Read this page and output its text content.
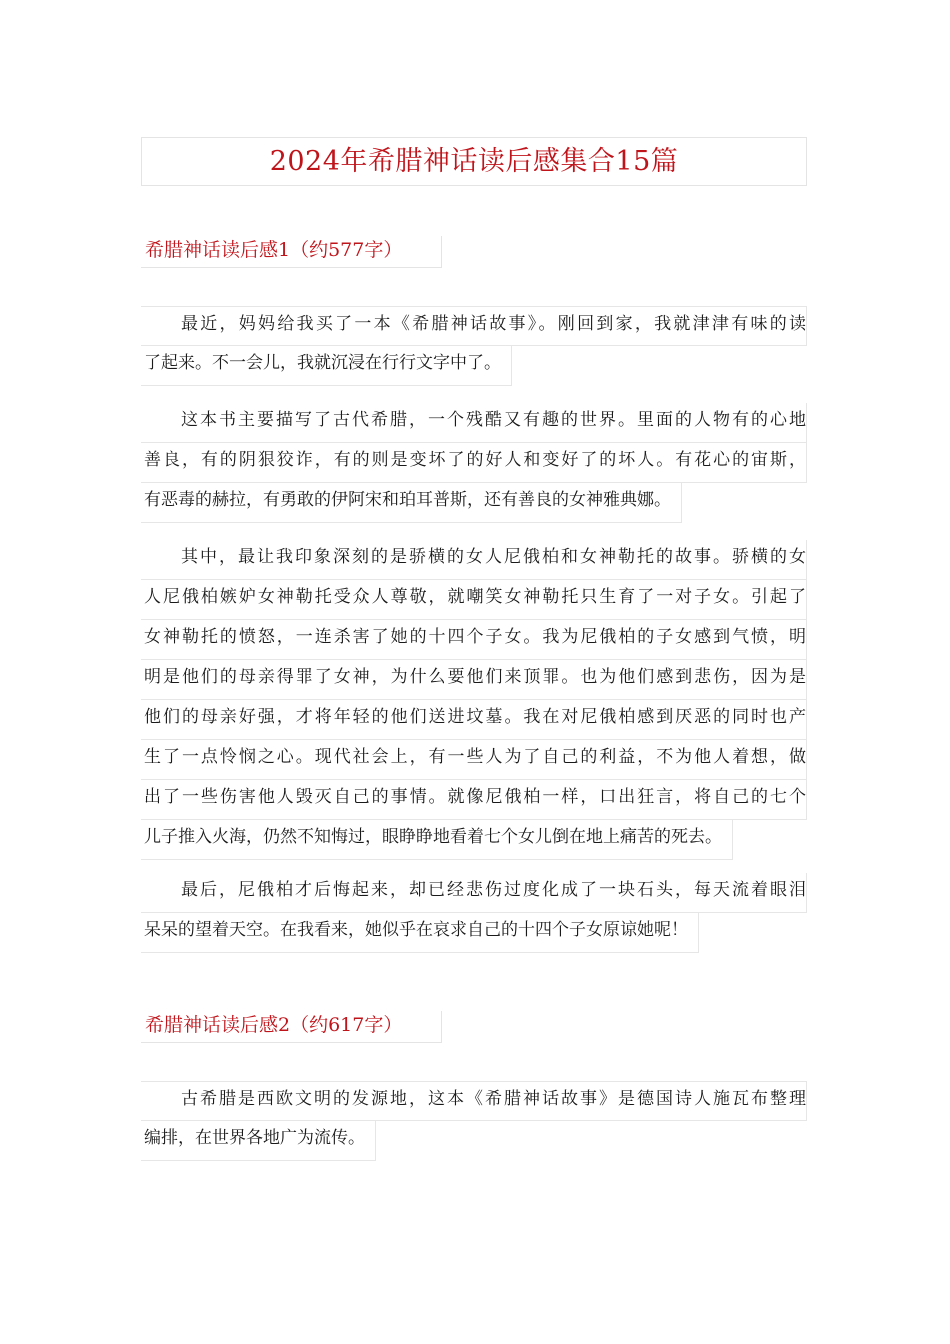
2024年希腊神话读后感集合15篇
希腊神话读后感1（约577字）
最近，妈妈给我买了一本《希腊神话故事》。刚回到家，我就津津有味的读
了起来。不一会儿，我就沉浸在行行文字中了。
这本书主要描写了古代希腊，一个残酷又有趣的世界。里面的人物有的心地
善良，有的阴狠狡诈，有的则是变坏了的好人和变好了的坏人。有花心的宙斯，
有恶毒的赫拉，有勇敢的伊阿宋和珀耳普斯，还有善良的女神雅典娜。
其中，最让我印象深刻的是骄横的女人尼俄柏和女神勒托的故事。骄横的女
人尼俄柏嫉妒女神勒托受众人尊敬，就嘲笑女神勒托只生育了一对子女。引起了
女神勒托的愤怒，一连杀害了她的十四个子女。我为尼俄柏的子女感到气愤，明
明是他们的母亲得罪了女神，为什么要他们来顶罪。也为他们感到悲伤，因为是
他们的母亲好强，才将年轻的他们送进坟墓。我在对尼俄柏感到厌恶的同时也产
生了一点怜悯之心。现代社会上，有一些人为了自己的利益，不为他人着想，做
出了一些伤害他人毁灭自己的事情。就像尼俄柏一样，口出狂言，将自己的七个
儿子推入火海，仍然不知悔过，眼睁睁地看着七个女儿倒在地上痛苦的死去。
最后，尼俄柏才后悔起来，却已经悲伤过度化成了一块石头，每天流着眼泪
呆呆的望着天空。在我看来，她似乎在哀求自己的十四个子女原谅她呢！
希腊神话读后感2（约617字）
古希腊是西欧文明的发源地，这本《希腊神话故事》是德国诗人施瓦布整理
编排，在世界各地广为流传。
